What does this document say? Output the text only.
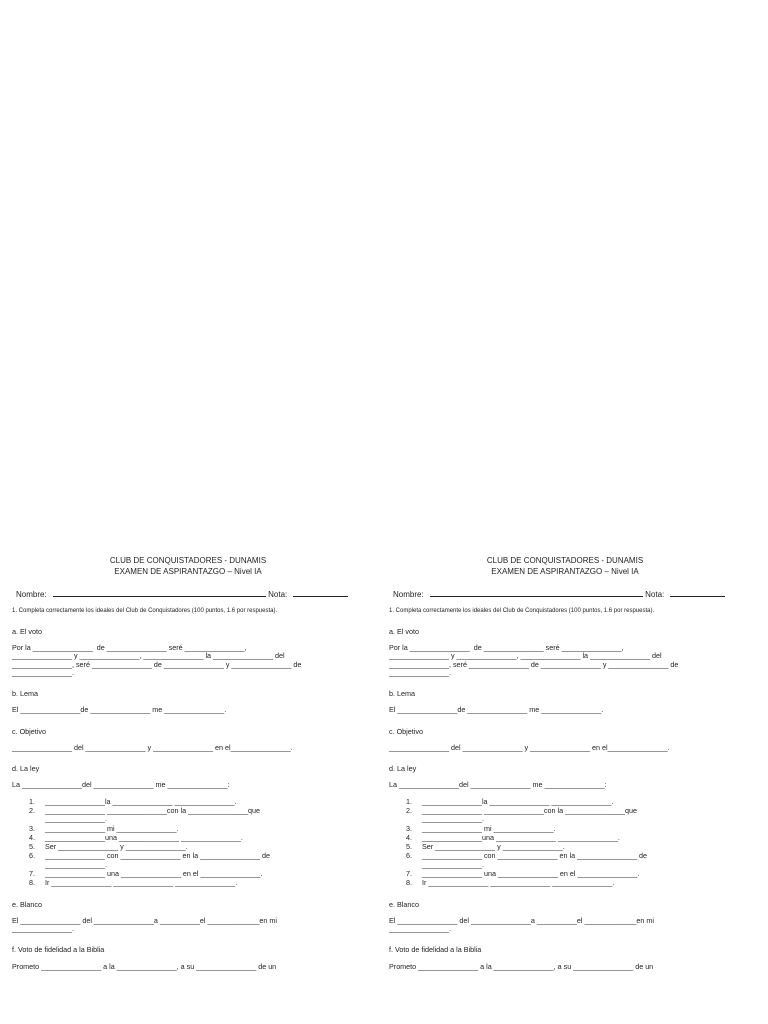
CLUB DE CONQUISTADORES - DUNAMIS

EXAMEN DE ASPIRANTAZGO – Nivel IA

Nombre:	Nota:

1. Completa correctamente los ideales del Club de Conquistadores (100 puntos, 1.6 por respuesta).

a. El voto

Por la _______________  de _______________ seré _______________,
_______________ y _______________, _______________ la _______________ del
_______________, seré _______________ de _______________ y _______________ de
_______________.

b. Lema

El _______________de _______________ me _______________.

c. Objetivo

_______________ del _______________ y _______________ en el_______________.

d. La ley

La _______________del _______________ me _______________:

1. _______________la _______________ _______________.
2. _______________ _______________con la _______________que
_______________.
3. _______________ mi _______________.
4. _______________una _______________ _______________.
5. Ser _______________ y _______________.
6. _______________ con _______________ en la _______________ de
_______________.
7. _______________ una _______________ en el _______________.
8. Ir _______________ _______________ _______________.

e. Blanco

El _______________ del _______________a __________el _____________en mi
_______________.

f. Voto de fidelidad a la Biblia

Prometo _______________ a la _______________, a su _______________ de un

CLUB DE CONQUISTADORES - DUNAMIS

EXAMEN DE ASPIRANTAZGO – Nivel IA

Nombre:	Nota:

1. Completa correctamente los ideales del Club de Conquistadores (100 puntos, 1.6 por respuesta).

a. El voto

Por la _______________  de _______________ seré _______________,
_______________ y _______________, _______________ la _______________ del
_______________, seré _______________ de _______________ y _______________ de
_______________.

b. Lema

El _______________de _______________ me _______________.

c. Objetivo

_______________ del _______________ y _______________ en el_______________.

d. La ley

La _______________del _______________ me _______________:

1. _______________la _______________ _______________.
2. _______________ _______________con la _______________que
_______________.
3. _______________ mi _______________.
4. _______________una _______________ _______________.
5. Ser _______________ y _______________.
6. _______________ con _______________ en la _______________ de
_______________.
7. _______________ una _______________ en el _______________.
8. Ir _______________ _______________ _______________.

e. Blanco

El _______________ del _______________a __________el _____________en mi
_______________.

f. Voto de fidelidad a la Biblia

Prometo _______________ a la _______________, a su _______________ de un
